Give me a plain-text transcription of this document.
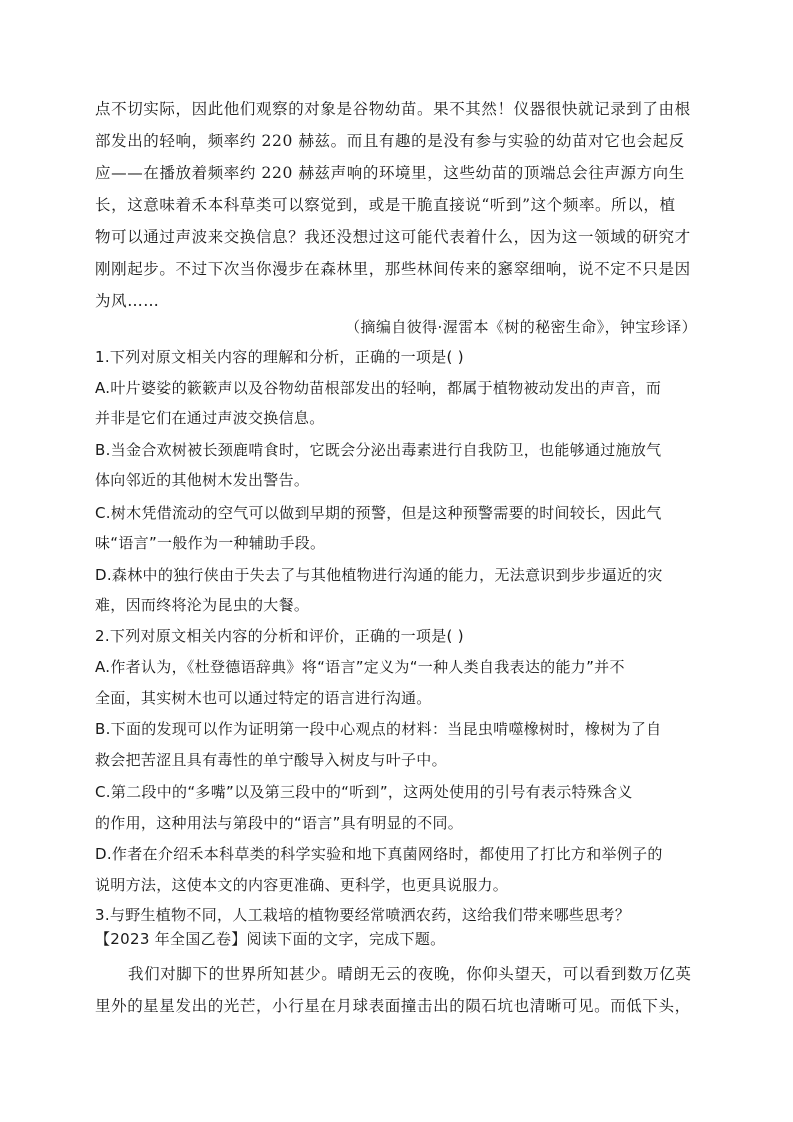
点不切实际，因此他们观察的对象是谷物幼苗。果不其然！仪器很快就记录到了由根
部发出的轻响，频率约 220 赫兹。而且有趣的是没有参与实验的幼苗对它也会起反
应——在播放着频率约 220 赫兹声响的环境里，这些幼苗的顶端总会往声源方向生
长，这意味着禾本科草类可以察觉到，或是干脆直接说“听到”这个频率。所以，植
物可以通过声波来交换信息？我还没想过这可能代表着什么，因为这一领域的研究才
刚刚起步。不过下次当你漫步在森林里，那些林间传来的窸窣细响，说不定不只是因
为风……
（摘编自彼得·渥雷本《树的秘密生命》，钟宝珍译）
1.下列对原文相关内容的理解和分析，正确的一项是( )
A.叶片婆娑的簌簌声以及谷物幼苗根部发出的轻响，都属于植物被动发出的声音，而
并非是它们在通过声波交换信息。
B.当金合欢树被长颈鹿啃食时，它既会分泌出毒素进行自我防卫，也能够通过施放气
体向邻近的其他树木发出警告。
C.树木凭借流动的空气可以做到早期的预警，但是这种预警需要的时间较长，因此气
味“语言”一般作为一种辅助手段。
D.森林中的独行侠由于失去了与其他植物进行沟通的能力，无法意识到步步逼近的灾
难，因而终将沦为昆虫的大餐。
2.下列对原文相关内容的分析和评价，正确的一项是( )
A.作者认为，《杜登德语辞典》将“语言”定义为“一种人类自我表达的能力”并不
全面，其实树木也可以通过特定的语言进行沟通。
B.下面的发现可以作为证明第一段中心观点的材料：当昆虫啃噬橡树时，橡树为了自
救会把苦涩且具有毒性的单宁酸导入树皮与叶子中。
C.第二段中的“多嘴”以及第三段中的“听到”，这两处使用的引号有表示特殊含义
的作用，这种用法与第段中的“语言”具有明显的不同。
D.作者在介绍禾本科草类的科学实验和地下真菌网络时，都使用了打比方和举例子的
说明方法，这使本文的内容更准确、更科学，也更具说服力。
3.与野生植物不同，人工栽培的植物要经常喷洒农药，这给我们带来哪些思考？
【2023 年全国乙卷】阅读下面的文字，完成下题。
我们对脚下的世界所知甚少。晴朗无云的夜晚，你仰头望天，可以看到数万亿英
里外的星星发出的光芒，小行星在月球表面撞击出的陨石坑也清晰可见。而低下头，
